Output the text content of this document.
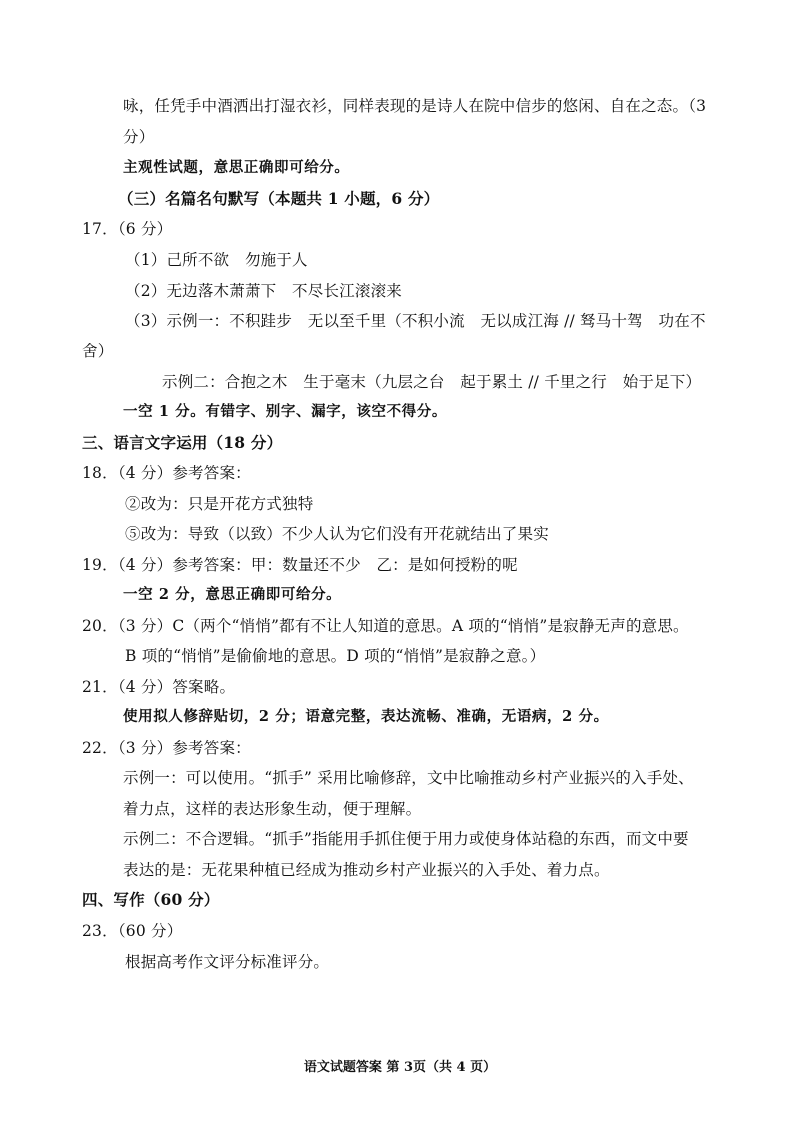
咏，任凭手中酒洒出打湿衣衫，同样表现的是诗人在院中信步的悠闲、自在之态。（3

分）

主观性试题，意思正确即可给分。

（三）名篇名句默写（本题共 1 小题，6 分）

17．（6 分）

（1）己所不欲　勿施于人

（2）无边落木萧萧下　不尽长江滚滚来

（3）示例一：不积跬步　无以至千里（不积小流　无以成江海 // 驽马十驾　功在不

舍）

示例二：合抱之木　生于毫末（九层之台　起于累土 // 千里之行　始于足下）

一空 1 分。有错字、别字、漏字，该空不得分。

三、语言文字运用（18 分）

18．（4 分）参考答案：

②改为：只是开花方式独特

⑤改为：导致（以致）不少人认为它们没有开花就结出了果实

19．（4 分）参考答案：甲：数量还不少　乙：是如何授粉的呢

一空 2 分，意思正确即可给分。

20．（3 分）C（两个“悄悄”都有不让人知道的意思。A 项的“悄悄”是寂静无声的意思。

B 项的“悄悄”是偷偷地的意思。D 项的“悄悄”是寂静之意。）

21．（4 分）答案略。

使用拟人修辞贴切，2 分；语意完整，表达流畅、准确，无语病，2 分。

22．（3 分）参考答案：

示例一：可以使用。“抓手” 采用比喻修辞，文中比喻推动乡村产业振兴的入手处、

着力点，这样的表达形象生动，便于理解。

示例二：不合逻辑。“抓手”指能用手抓住便于用力或使身体站稳的东西，而文中要

表达的是：无花果种植已经成为推动乡村产业振兴的入手处、着力点。

四、写作（60 分）

23．（60 分）

根据高考作文评分标准评分。

语文试题答案 第 3页（共 4 页）
